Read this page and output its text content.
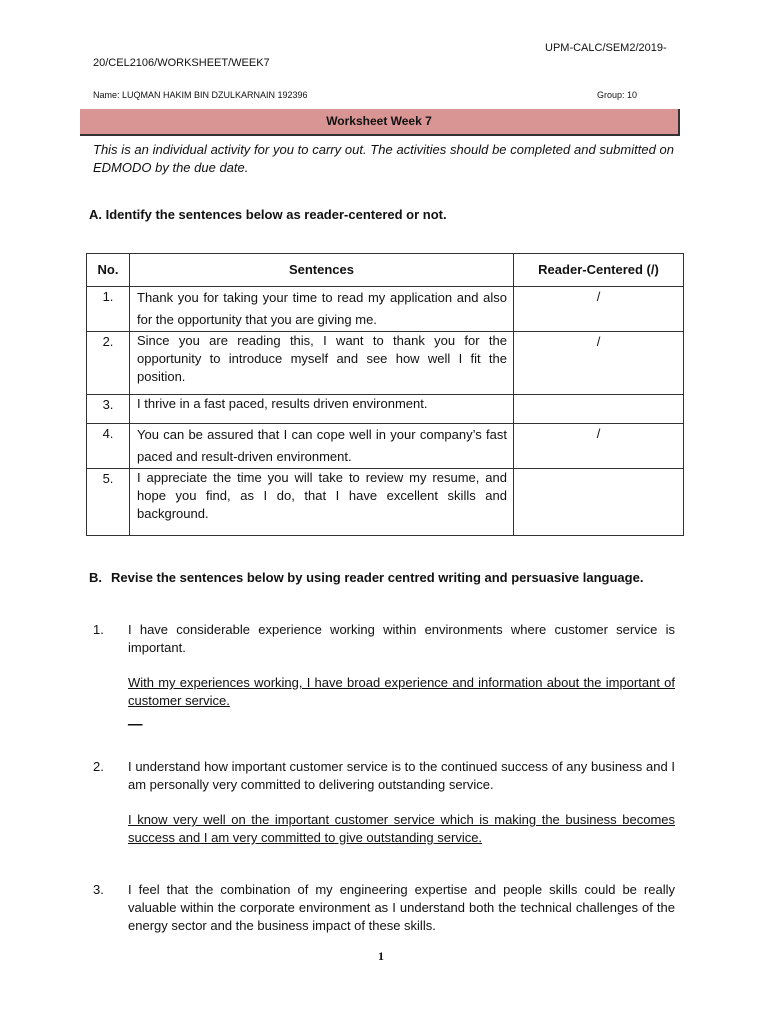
UPM-CALC/SEM2/2019-
20/CEL2106/WORKSHEET/WEEK7
Name: LUQMAN HAKIM BIN DZULKARNAIN 192396	Group: 10
Worksheet Week 7
This is an individual activity for you to carry out. The activities should be completed and submitted on EDMODO by the due date.
A. Identify the sentences below as reader-centered or not.
No.	Sentences	Reader-Centered (/)
1.	Thank you for taking your time to read my application and also for the opportunity that you are giving me.	/
2.	Since you are reading this, I want to thank you for the opportunity to introduce myself and see how well I fit the position.	/
3.	I thrive in a fast paced, results driven environment.	
4.	You can be assured that I can cope well in your company’s fast paced and result-driven environment.	/
5.	I appreciate the time you will take to review my resume, and hope you find, as I do, that I have excellent skills and background.	
B. Revise the sentences below by using reader centred writing and persuasive language.
1. I have considerable experience working within environments where customer service is important.
With my experiences working, I have broad experience and information about the important of customer service.
__
2. I understand how important customer service is to the continued success of any business and I am personally very committed to delivering outstanding service.
I know very well on the important customer service which is making the business becomes success and I am very committed to give outstanding service.
3. I feel that the combination of my engineering expertise and people skills could be really valuable within the corporate environment as I understand both the technical challenges of the energy sector and the business impact of these skills.
1
